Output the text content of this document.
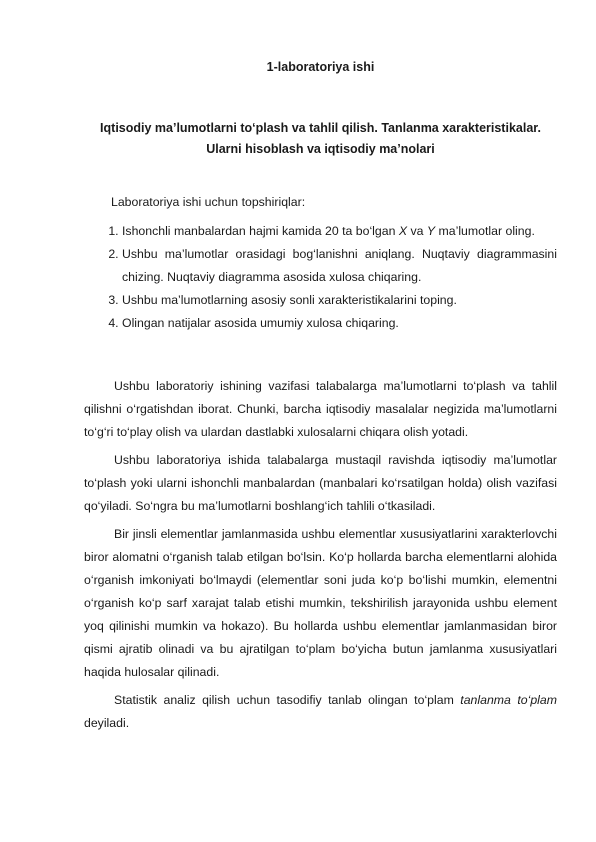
1-laboratoriya ishi
Iqtisodiy ma’lumotlarni to‘plash va tahlil qilish. Tanlanma xarakteristikalar.
Ularni hisoblash va iqtisodiy ma’nolari
Laboratoriya ishi uchun topshiriqlar:
1. Ishonchli manbalardan hajmi kamida 20 ta bo‘lgan X va Y ma’lumotlar oling.
2. Ushbu ma’lumotlar orasidagi bog‘lanishni aniqlang. Nuqtaviy diagrammasini chizing. Nuqtaviy diagramma asosida xulosa chiqaring.
3. Ushbu ma’lumotlarning asosiy sonli xarakteristikalarini toping.
4. Olingan natijalar asosida umumiy xulosa chiqaring.

Ushbu laboratoriy ishining vazifasi talabalarga ma’lumotlarni to‘plash va tahlil qilishni o‘rgatishdan iborat. Chunki, barcha iqtisodiy masalalar negizida ma’lumotlarni to‘g‘ri to‘play olish va ulardan dastlabki xulosalarni chiqara olish yotadi.

Ushbu laboratoriya ishida talabalarga mustaqil ravishda iqtisodiy ma’lumotlar to‘plash yoki ularni ishonchli manbalardan (manbalari ko‘rsatilgan holda) olish vazifasi qo‘yiladi. So‘ngra bu ma’lumotlarni boshlang‘ich tahlili o‘tkasiladi.

Bir jinsli elementlar jamlanmasida ushbu elementlar xususiyatlarini xarakterlovchi biror alomatni o‘rganish talab etilgan bo‘lsin. Ko‘p hollarda barcha elementlarni alohida o‘rganish imkoniyati bo‘lmaydi (elementlar soni juda ko‘p bo‘lishi mumkin, elementni o‘rganish ko‘p sarf xarajat talab etishi mumkin, tekshirilish jarayonida ushbu element yoq qilinishi mumkin va hokazo). Bu hollarda ushbu elementlar jamlanmasidan biror qismi ajratib olinadi va bu ajratilgan to‘plam bo‘yicha butun jamlanma xususiyatlari haqida hulosalar qilinadi.

Statistik analiz qilish uchun tasodifiy tanlab olingan to‘plam tanlanma to‘plam deyiladi.
